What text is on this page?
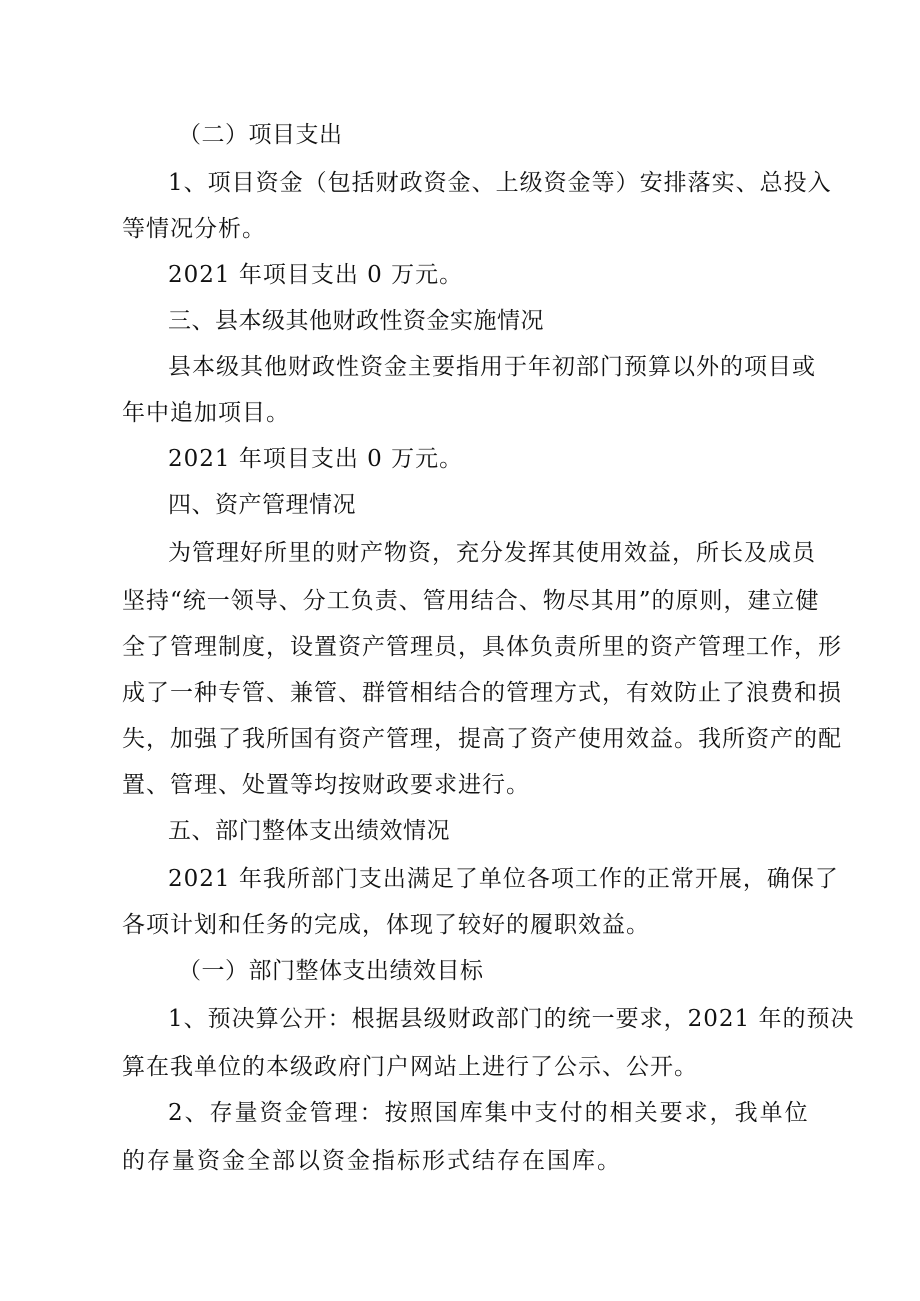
（二）项目支出
1、项目资金（包括财政资金、上级资金等）安排落实、总投入
等情况分析。
2021 年项目支出 0 万元。
三、县本级其他财政性资金实施情况
县本级其他财政性资金主要指用于年初部门预算以外的项目或
年中追加项目。
2021 年项目支出 0 万元。
四、资产管理情况
为管理好所里的财产物资，充分发挥其使用效益，所长及成员
坚持“统一领导、分工负责、管用结合、物尽其用”的原则，建立健
全了管理制度，设置资产管理员，具体负责所里的资产管理工作，形
成了一种专管、兼管、群管相结合的管理方式，有效防止了浪费和损
失，加强了我所国有资产管理，提高了资产使用效益。我所资产的配
置、管理、处置等均按财政要求进行。
五、部门整体支出绩效情况
2021 年我所部门支出满足了单位各项工作的正常开展，确保了
各项计划和任务的完成，体现了较好的履职效益。
（一）部门整体支出绩效目标
1、预决算公开：根据县级财政部门的统一要求，2021 年的预决
算在我单位的本级政府门户网站上进行了公示、公开。
2、存量资金管理：按照国库集中支付的相关要求，我单位
的存量资金全部以资金指标形式结存在国库。
